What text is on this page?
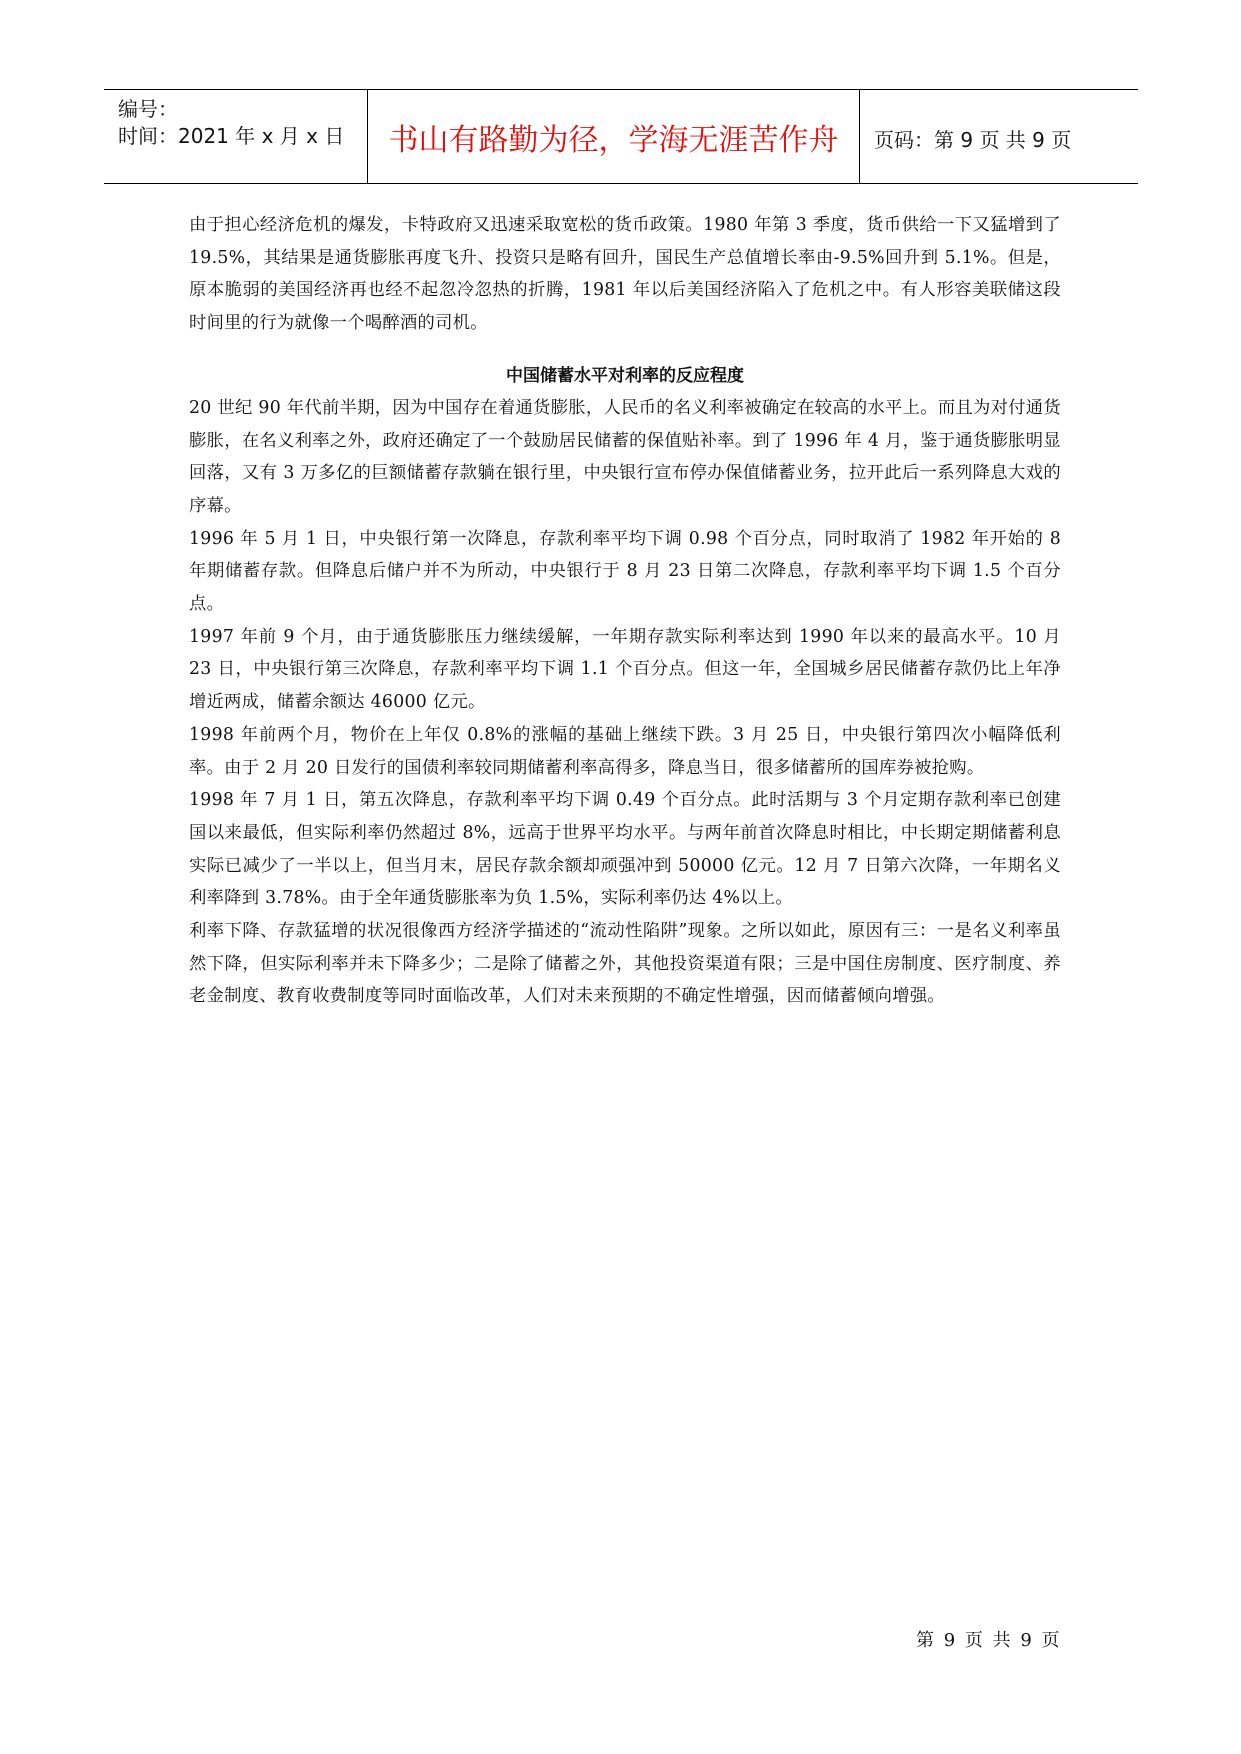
编号：
时间：2021 年 x 月 x 日	书山有路勤为径，学海无涯苦作舟	页码：第 9 页 共 9 页

由于担心经济危机的爆发，卡特政府又迅速采取宽松的货币政策。1980 年第 3 季度，货币供给一下又猛增到了 19.5%，其结果是通货膨胀再度飞升、投资只是略有回升，国民生产总值增长率由-9.5%回升到 5.1%。但是，原本脆弱的美国经济再也经不起忽冷忽热的折腾，1981 年以后美国经济陷入了危机之中。有人形容美联储这段时间里的行为就像一个喝醉酒的司机。

中国储蓄水平对利率的反应程度

20 世纪 90 年代前半期，因为中国存在着通货膨胀，人民币的名义利率被确定在较高的水平上。而且为对付通货膨胀，在名义利率之外，政府还确定了一个鼓励居民储蓄的保值贴补率。到了 1996 年 4 月，鉴于通货膨胀明显回落，又有 3 万多亿的巨额储蓄存款躺在银行里，中央银行宣布停办保值储蓄业务，拉开此后一系列降息大戏的序幕。

1996 年 5 月 1 日，中央银行第一次降息，存款利率平均下调 0.98 个百分点，同时取消了 1982 年开始的 8 年期储蓄存款。但降息后储户并不为所动，中央银行于 8 月 23 日第二次降息，存款利率平均下调 1.5 个百分点。

1997 年前 9 个月，由于通货膨胀压力继续缓解，一年期存款实际利率达到 1990 年以来的最高水平。10 月 23 日，中央银行第三次降息，存款利率平均下调 1.1 个百分点。但这一年，全国城乡居民储蓄存款仍比上年净增近两成，储蓄余额达 46000 亿元。

1998 年前两个月，物价在上年仅 0.8%的涨幅的基础上继续下跌。3 月 25 日，中央银行第四次小幅降低利率。由于 2 月 20 日发行的国债利率较同期储蓄利率高得多，降息当日，很多储蓄所的国库券被抢购。

1998 年 7 月 1 日，第五次降息，存款利率平均下调 0.49 个百分点。此时活期与 3 个月定期存款利率已创建国以来最低，但实际利率仍然超过 8%，远高于世界平均水平。与两年前首次降息时相比，中长期定期储蓄利息实际已减少了一半以上，但当月末，居民存款余额却顽强冲到 50000 亿元。12 月 7 日第六次降，一年期名义利率降到 3.78%。由于全年通货膨胀率为负 1.5%，实际利率仍达 4%以上。

利率下降、存款猛增的状况很像西方经济学描述的“流动性陷阱”现象。之所以如此，原因有三：一是名义利率虽然下降，但实际利率并未下降多少；二是除了储蓄之外，其他投资渠道有限；三是中国住房制度、医疗制度、养老金制度、教育收费制度等同时面临改革，人们对未来预期的不确定性增强，因而储蓄倾向增强。

第 9 页 共 9 页
